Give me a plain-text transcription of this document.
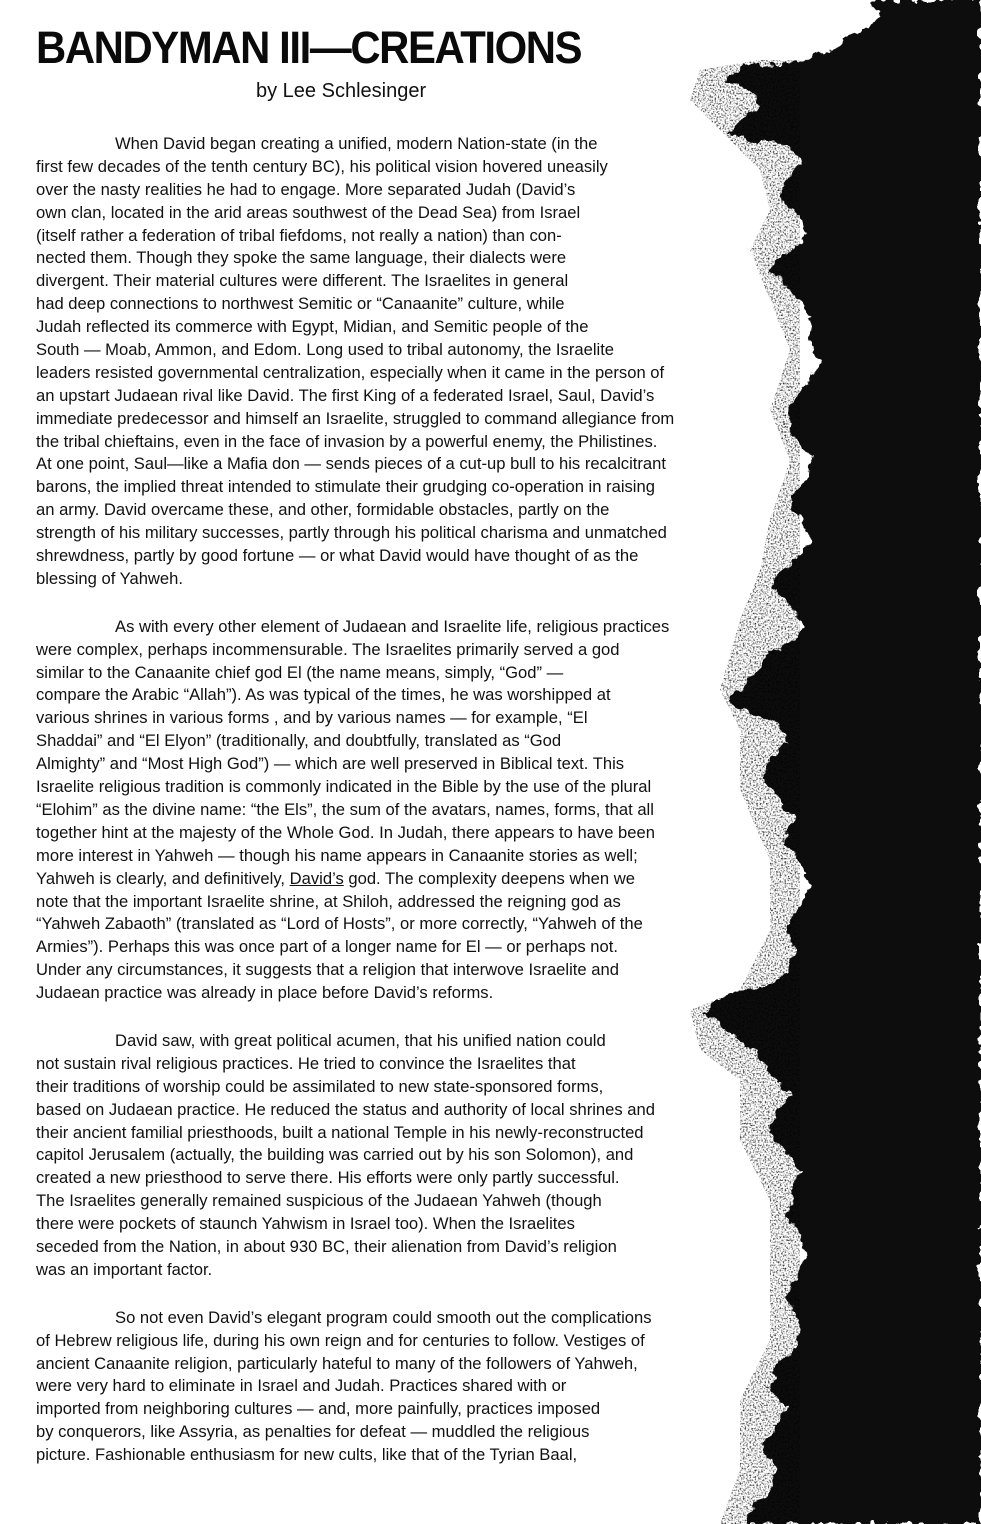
BANDYMAN III—CREATIONS
by Lee Schlesinger
When David began creating a unified, modern Nation-state (in the
first few decades of the tenth century BC), his political vision hovered uneasily
over the nasty realities he had to engage. More separated Judah (David’s
own clan, located in the arid areas southwest of the Dead Sea) from Israel
(itself rather a federation of tribal fiefdoms, not really a nation) than con-
nected them. Though they spoke the same language, their dialects were
divergent. Their material cultures were different. The Israelites in general
had deep connections to northwest Semitic or “Canaanite” culture, while
Judah reflected its commerce with Egypt, Midian, and Semitic people of the
South — Moab, Ammon, and Edom. Long used to tribal autonomy, the Israelite
leaders resisted governmental centralization, especially when it came in the person of
an upstart Judaean rival like David. The first King of a federated Israel, Saul, David’s
immediate predecessor and himself an Israelite, struggled to command allegiance from
the tribal chieftains, even in the face of invasion by a powerful enemy, the Philistines.
At one point, Saul—like a Mafia don — sends pieces of a cut-up bull to his recalcitrant
barons, the implied threat intended to stimulate their grudging co-operation in raising
an army. David overcame these, and other, formidable obstacles, partly on the
strength of his military successes, partly through his political charisma and unmatched
shrewdness, partly by good fortune — or what David would have thought of as the
blessing of Yahweh.
As with every other element of Judaean and Israelite life, religious practices
were complex, perhaps incommensurable. The Israelites primarily served a god
similar to the Canaanite chief god El (the name means, simply, “God” —
compare the Arabic “Allah”). As was typical of the times, he was worshipped at
various shrines in various forms , and by various names — for example, “El
Shaddai” and “El Elyon” (traditionally, and doubtfully, translated as “God
Almighty” and “Most High God”) — which are well preserved in Biblical text. This
Israelite religious tradition is commonly indicated in the Bible by the use of the plural
“Elohim” as the divine name: “the Els”, the sum of the avatars, names, forms, that all
together hint at the majesty of the Whole God. In Judah, there appears to have been
more interest in Yahweh — though his name appears in Canaanite stories as well;
Yahweh is clearly, and definitively, David’s god. The complexity deepens when we
note that the important Israelite shrine, at Shiloh, addressed the reigning god as
“Yahweh Zabaoth” (translated as “Lord of Hosts”, or more correctly, “Yahweh of the
Armies”). Perhaps this was once part of a longer name for El — or perhaps not.
Under any circumstances, it suggests that a religion that interwove Israelite and
Judaean practice was already in place before David’s reforms.
David saw, with great political acumen, that his unified nation could
not sustain rival religious practices. He tried to convince the Israelites that
their traditions of worship could be assimilated to new state-sponsored forms,
based on Judaean practice. He reduced the status and authority of local shrines and
their ancient familial priesthoods, built a national Temple in his newly-reconstructed
capitol Jerusalem (actually, the building was carried out by his son Solomon), and
created a new priesthood to serve there. His efforts were only partly successful.
The Israelites generally remained suspicious of the Judaean Yahweh (though
there were pockets of staunch Yahwism in Israel too). When the Israelites
seceded from the Nation, in about 930 BC, their alienation from David’s religion
was an important factor.
So not even David’s elegant program could smooth out the complications
of Hebrew religious life, during his own reign and for centuries to follow. Vestiges of
ancient Canaanite religion, particularly hateful to many of the followers of Yahweh,
were very hard to eliminate in Israel and Judah. Practices shared with or
imported from neighboring cultures — and, more painfully, practices imposed
by conquerors, like Assyria, as penalties for defeat — muddled the religious
picture. Fashionable enthusiasm for new cults, like that of the Tyrian Baal,
